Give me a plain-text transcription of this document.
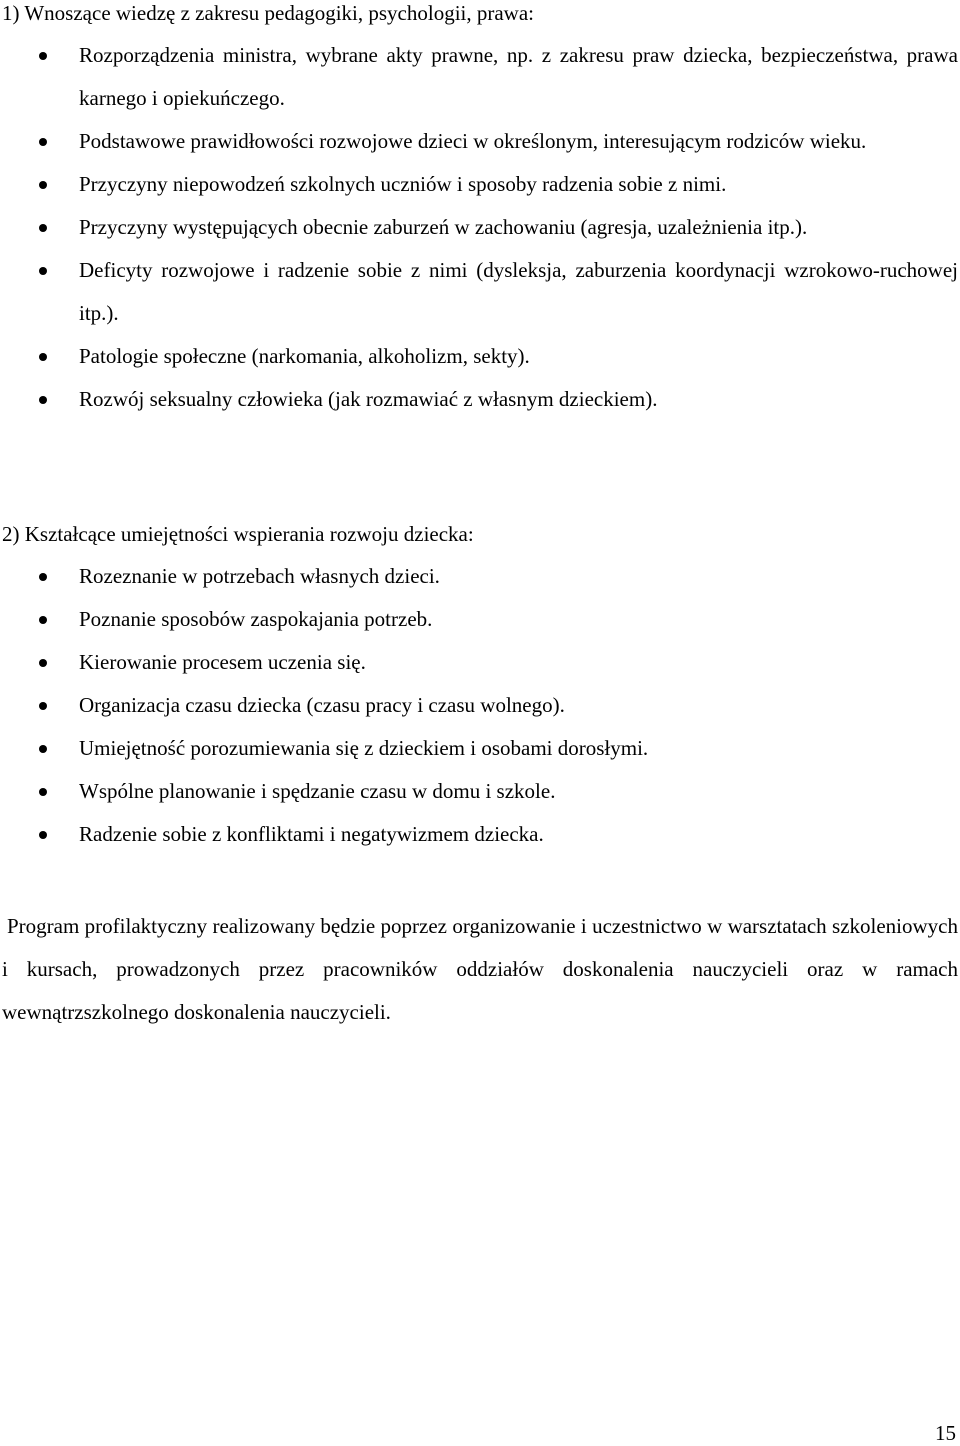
1) Wnoszące wiedzę z zakresu pedagogiki, psychologii, prawa:
Rozporządzenia ministra, wybrane akty prawne, np. z zakresu praw dziecka, bezpieczeństwa, prawa karnego i opiekuńczego.
Podstawowe prawidłowości rozwojowe dzieci w określonym, interesującym rodziców wieku.
Przyczyny niepowodzeń szkolnych uczniów i sposoby radzenia sobie z nimi.
Przyczyny występujących obecnie zaburzeń w zachowaniu (agresja, uzależnienia itp.).
Deficyty rozwojowe i radzenie sobie z nimi (dysleksja, zaburzenia koordynacji wzrokowo-ruchowej itp.).
Patologie społeczne (narkomania, alkoholizm, sekty).
Rozwój seksualny człowieka (jak rozmawiać z własnym dzieckiem).
2) Kształcące umiejętności wspierania rozwoju dziecka:
Rozeznanie w potrzebach własnych dzieci.
Poznanie sposobów zaspokajania potrzeb.
Kierowanie procesem uczenia się.
Organizacja czasu dziecka (czasu pracy i czasu wolnego).
Umiejętność porozumiewania się z dzieckiem i osobami dorosłymi.
Wspólne planowanie i spędzanie czasu w domu i szkole.
Radzenie sobie z konfliktami i negatywizmem dziecka.

Program profilaktyczny realizowany będzie poprzez organizowanie i uczestnictwo w warsztatach szkoleniowych i kursach, prowadzonych przez pracowników oddziałów doskonalenia nauczycieli oraz w ramach wewnątrzszkolnego doskonalenia nauczycieli.

15
